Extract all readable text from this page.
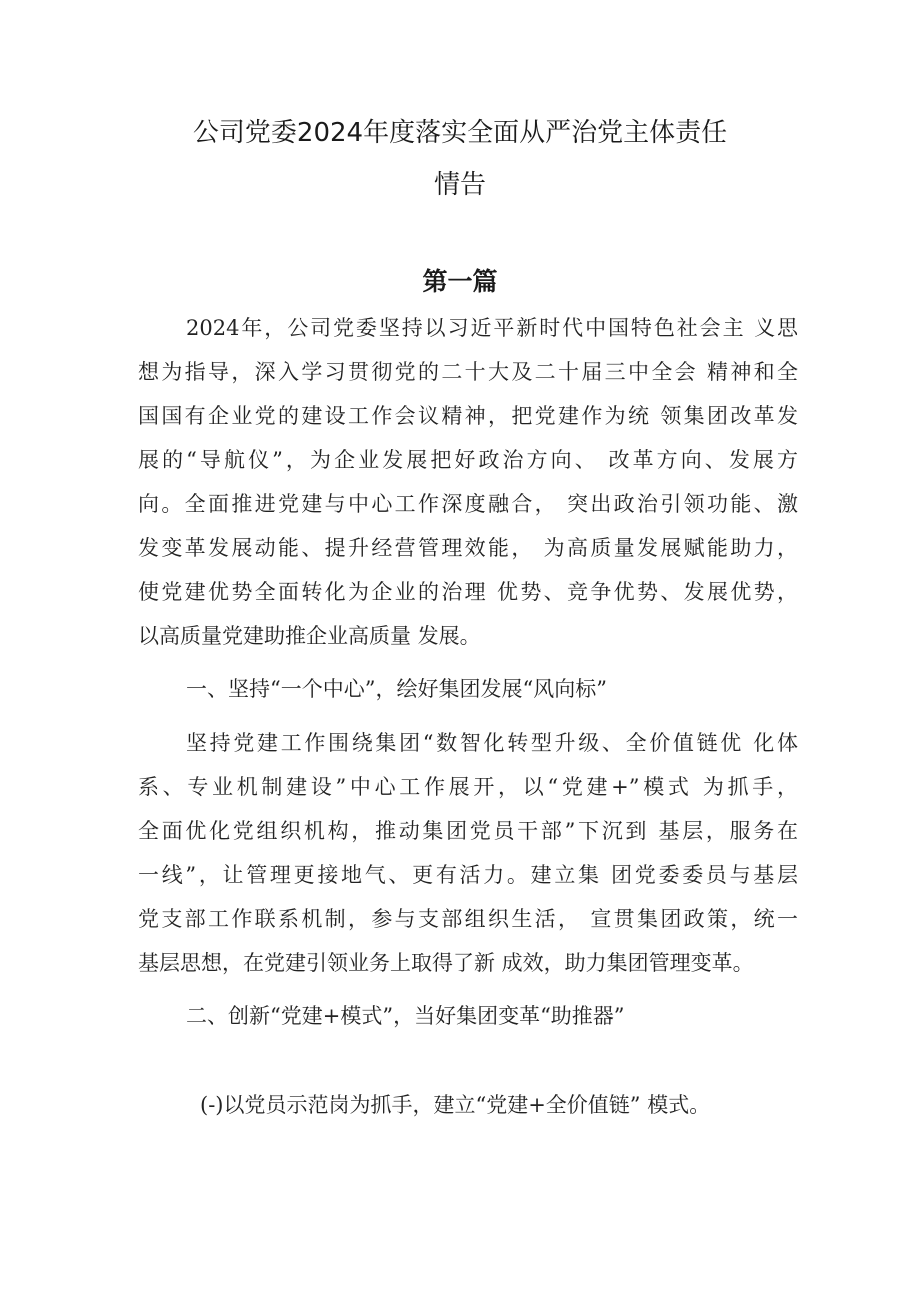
公司党委2024年度落实全面从严治党主体责任
情告
第一篇
2024年，公司党委坚持以习近平新时代中国特色社会主 义思
想为指导，深入学习贯彻党的二十大及二十届三中全会 精神和全
国国有企业党的建设工作会议精神，把党建作为统 领集团改革发
展的“导航仪”，为企业发展把好政治方向、 改革方向、发展方
向。全面推进党建与中心工作深度融合， 突出政治引领功能、激
发变革发展动能、提升经营管理效能， 为高质量发展赋能助力，
使党建优势全面转化为企业的治理 优势、竞争优势、发展优势，
以高质量党建助推企业高质量 发展。
一、坚持“一个中心”，绘好集团发展“风向标”
坚持党建工作围绕集团“数智化转型升级、全价值链优 化体
系、专业机制建设”中心工作展开，以“党建+”模式 为抓手，
全面优化党组织机构，推动集团党员干部”下沉到 基层，服务在
一线”，让管理更接地气、更有活力。建立集 团党委委员与基层
党支部工作联系机制，参与支部组织生活， 宣贯集团政策，统一
基层思想，在党建引领业务上取得了新 成效，助力集团管理变革。
二、创新“党建+模式”，当好集团变革“助推器”
(-)以党员示范岗为抓手，建立“党建+全价值链” 模式。
